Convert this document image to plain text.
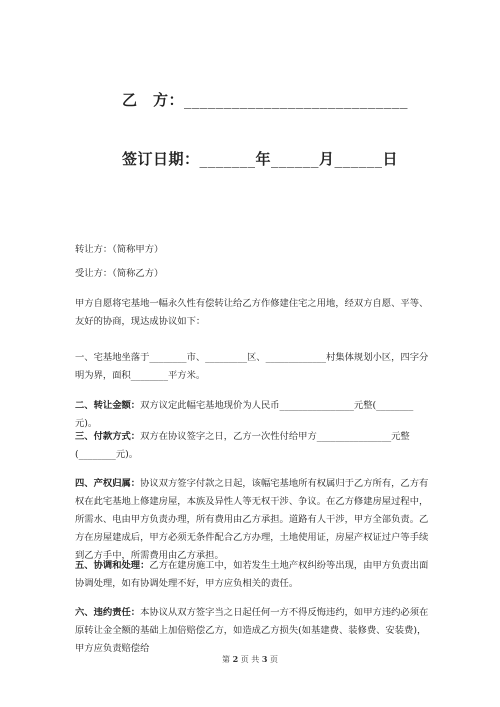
乙　方：____________________________
签订日期：_______年______月______日
转让方：（简称甲方）
受让方：（简称乙方）
甲方自愿将宅基地一幅永久性有偿转让给乙方作修建住宅之用地，经双方自愿、平等、友好的协商，现达成协议如下：
一、宅基地坐落于________市、_________区、_____________村集体规划小区，四字分明为界，面积________平方米。
二、转让金额：双方议定此幅宅基地现价为人民币________________元整(________元)。
三、付款方式：双方在协议签字之日，乙方一次性付给甲方________________元整(________元)。
四、产权归属：协议双方签字付款之日起，该幅宅基地所有权属归于乙方所有，乙方有权在此宅基地上修建房屋，本族及异性人等无权干涉、争议。在乙方修建房屋过程中，所需水、电由甲方负责办理，所有费用由乙方承担。道路有人干涉，甲方全部负责。乙方在房屋建成后，甲方必须无条件配合乙方办理，土地使用证，房屋产权证过户等手续到乙方手中，所需费用由乙方承担。
五、协调和处理：乙方在建房施工中，如若发生土地产权纠纷等出现，由甲方负责出面协调处理，如有协调处理不好，甲方应负相关的责任。
六、违约责任：本协议从双方签字当之日起任何一方不得反悔违约，如甲方违约必须在原转让金全额的基础上加倍赔偿乙方，如造成乙方损失(如基建费、装修费、安装费)，甲方应负责赔偿给
第 2 页 共 3 页
